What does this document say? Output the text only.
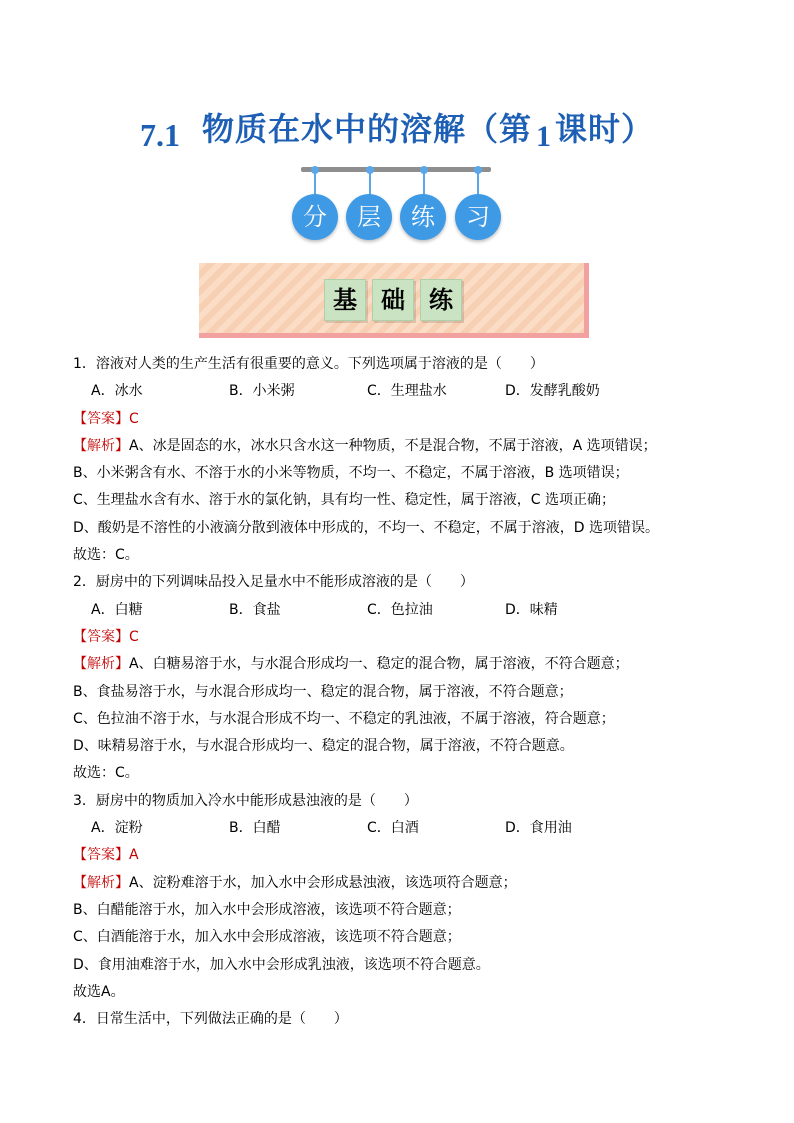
7.1 物质在水中的溶解（第 1 课时）
分	层	练	习
基	础	练
1．溶液对人类的生产生活有很重要的意义。下列选项属于溶液的是（　　）
A．冰水	B．小米粥	C．生理盐水	D．发酵乳酸奶
【答案】C
【解析】A、冰是固态的水，冰水只含水这一种物质，不是混合物，不属于溶液，A 选项错误；
B、小米粥含有水、不溶于水的小米等物质，不均一、不稳定，不属于溶液，B 选项错误；
C、生理盐水含有水、溶于水的氯化钠，具有均一性、稳定性，属于溶液，C 选项正确；
D、酸奶是不溶性的小液滴分散到液体中形成的，不均一、不稳定，不属于溶液，D 选项错误。
故选：C。
2．厨房中的下列调味品投入足量水中不能形成溶液的是（　　）
A．白糖	B．食盐	C．色拉油	D．味精
【答案】C
【解析】A、白糖易溶于水，与水混合形成均一、稳定的混合物，属于溶液，不符合题意；
B、食盐易溶于水，与水混合形成均一、稳定的混合物，属于溶液，不符合题意；
C、色拉油不溶于水，与水混合形成不均一、不稳定的乳浊液，不属于溶液，符合题意；
D、味精易溶于水，与水混合形成均一、稳定的混合物，属于溶液，不符合题意。
故选：C。
3．厨房中的物质加入冷水中能形成悬浊液的是（　　）
A．淀粉	B．白醋	C．白酒	D．食用油
【答案】A
【解析】A、淀粉难溶于水，加入水中会形成悬浊液，该选项符合题意；
B、白醋能溶于水，加入水中会形成溶液，该选项不符合题意；
C、白酒能溶于水，加入水中会形成溶液，该选项不符合题意；
D、食用油难溶于水，加入水中会形成乳浊液，该选项不符合题意。
故选A。
4．日常生活中，下列做法正确的是（　　）
